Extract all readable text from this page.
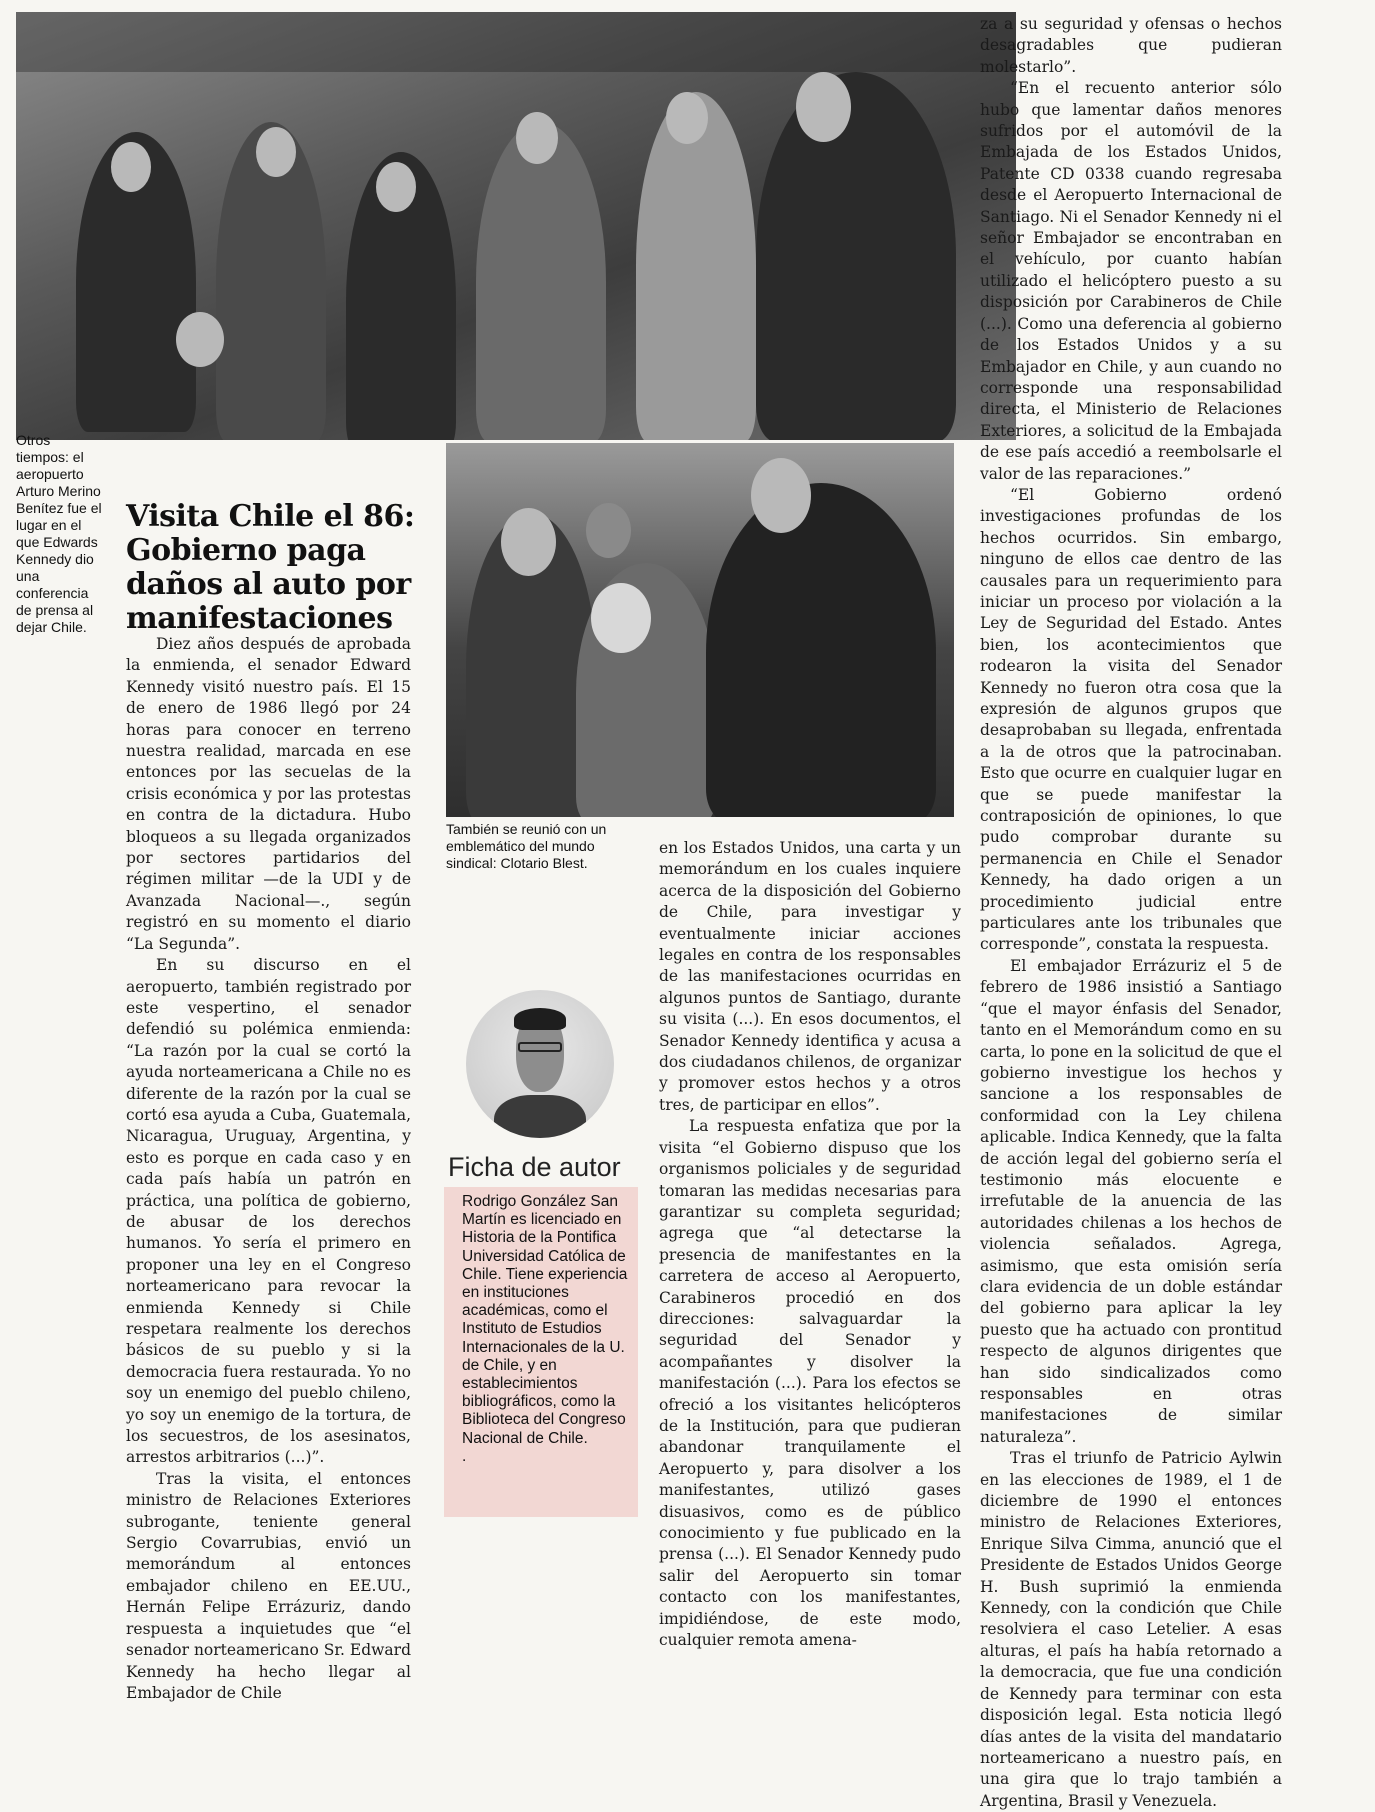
Otros tiempos: el aeropuerto Arturo Merino Benítez fue el lugar en el que Edwards Kennedy dio una conferencia de prensa al dejar Chile.
Visita Chile el 86: Gobierno paga daños al auto por manifestaciones

Diez años después de aprobada la enmienda, el senador Edward Kennedy visitó nuestro país. El 15 de enero de 1986 llegó por 24 horas para conocer en terreno nuestra realidad, marcada en ese entonces por las secuelas de la crisis económica y por las protestas en contra de la dictadura. Hubo bloqueos a su llegada organizados por sectores partidarios del régimen militar —de la UDI y de Avanzada Nacional—., según registró en su momento el diario “La Segunda”.

En su discurso en el aeropuerto, también registrado por este vespertino, el senador defendió su polémica enmienda: “La razón por la cual se cortó la ayuda norteamericana a Chile no es diferente de la razón por la cual se cortó esa ayuda a Cuba, Guatemala, Nicaragua, Uruguay, Argentina, y esto es porque en cada caso y en cada país había un patrón en práctica, una política de gobierno, de abusar de los derechos humanos. Yo sería el primero en proponer una ley en el Congreso norteamericano para revocar la enmienda Kennedy si Chile respetara realmente los derechos básicos de su pueblo y si la democracia fuera restaurada. Yo no soy un enemigo del pueblo chileno, yo soy un enemigo de la tortura, de los secuestros, de los asesinatos, arrestos arbitrarios (...)”.

Tras la visita, el entonces ministro de Relaciones Exteriores subrogante, teniente general Sergio Covarrubias, envió un memorándum al entonces embajador chileno en EE.UU., Hernán Felipe Errázuriz, dando respuesta a inquietudes que “el senador norteamericano Sr. Edward Kennedy ha hecho llegar al Embajador de Chile

También se reunió con un emblemático del mundo sindical: Clotario Blest.
Ficha de autor
Rodrigo González San Martín es licenciado en Historia de la Pontifica Universidad Católica de Chile. Tiene experiencia en instituciones académicas, como el Instituto de Estudios Internacionales de la U. de Chile, y en establecimientos bibliográficos, como la Biblioteca del Congreso Nacional de Chile.
.

en los Estados Unidos, una carta y un memorándum en los cuales inquiere acerca de la disposición del Gobierno de Chile, para investigar y eventualmente iniciar acciones legales en contra de los responsables de las manifestaciones ocurridas en algunos puntos de Santiago, durante su visita (...). En esos documentos, el Senador Kennedy identifica y acusa a dos ciudadanos chilenos, de organizar y promover estos hechos y a otros tres, de participar en ellos”.

La respuesta enfatiza que por la visita “el Gobierno dispuso que los organismos policiales y de seguridad tomaran las medidas necesarias para garantizar su completa seguridad; agrega que “al detectarse la presencia de manifestantes en la carretera de acceso al Aeropuerto, Carabineros procedió en dos direcciones: salvaguardar la seguridad del Senador y acompañantes y disolver la manifestación (...). Para los efectos se ofreció a los visitantes helicópteros de la Institución, para que pudieran abandonar tranquilamente el Aeropuerto y, para disolver a los manifestantes, utilizó gases disuasivos, como es de público conocimiento y fue publicado en la prensa (...). El Senador Kennedy pudo salir del Aeropuerto sin tomar contacto con los manifestantes, impidiéndose, de este modo, cualquier remota amena-

za a su seguridad y ofensas o hechos desagradables que pudieran molestarlo”.

“En el recuento anterior sólo hubo que lamentar daños menores sufridos por el automóvil de la Embajada de los Estados Unidos, Patente CD 0338 cuando regresaba desde el Aeropuerto Internacional de Santiago. Ni el Senador Kennedy ni el señor Embajador se encontraban en el vehículo, por cuanto habían utilizado el helicóptero puesto a su disposición por Carabineros de Chile (...). Como una deferencia al gobierno de los Estados Unidos y a su Embajador en Chile, y aun cuando no corresponde una responsabilidad directa, el Ministerio de Relaciones Exteriores, a solicitud de la Embajada de ese país accedió a reembolsarle el valor de las reparaciones.”

“El Gobierno ordenó investigaciones profundas de los hechos ocurridos. Sin embargo, ninguno de ellos cae dentro de las causales para un requerimiento para iniciar un proceso por violación a la Ley de Seguridad del Estado. Antes bien, los acontecimientos que rodearon la visita del Senador Kennedy no fueron otra cosa que la expresión de algunos grupos que desaprobaban su llegada, enfrentada a la de otros que la patrocinaban. Esto que ocurre en cualquier lugar en que se puede manifestar la contraposición de opiniones, lo que pudo comprobar durante su permanencia en Chile el Senador Kennedy, ha dado origen a un procedimiento judicial entre particulares ante los tribunales que corresponde”, constata la respuesta.

El embajador Errázuriz el 5 de febrero de 1986 insistió a Santiago “que el mayor énfasis del Senador, tanto en el Memorándum como en su carta, lo pone en la solicitud de que el gobierno investigue los hechos y sancione a los responsables de conformidad con la Ley chilena aplicable. Indica Kennedy, que la falta de acción legal del gobierno sería el testimonio más elocuente e irrefutable de la anuencia de las autoridades chilenas a los hechos de violencia señalados. Agrega, asimismo, que esta omisión sería clara evidencia de un doble estándar del gobierno para aplicar la ley puesto que ha actuado con prontitud respecto de algunos dirigentes que han sido sindicalizados como responsables en otras manifestaciones de similar naturaleza”.

Tras el triunfo de Patricio Aylwin en las elecciones de 1989, el 1 de diciembre de 1990 el entonces ministro de Relaciones Exteriores, Enrique Silva Cimma, anunció que el Presidente de Estados Unidos George H. Bush suprimió la enmienda Kennedy, con la condición que Chile resolviera el caso Letelier. A esas alturas, el país ha había retornado a la democracia, que fue una condición de Kennedy para terminar con esta disposición legal. Esta noticia llegó días antes de la visita del mandatario norteamericano a nuestro país, en una gira que lo trajo también a Argentina, Brasil y Venezuela.
